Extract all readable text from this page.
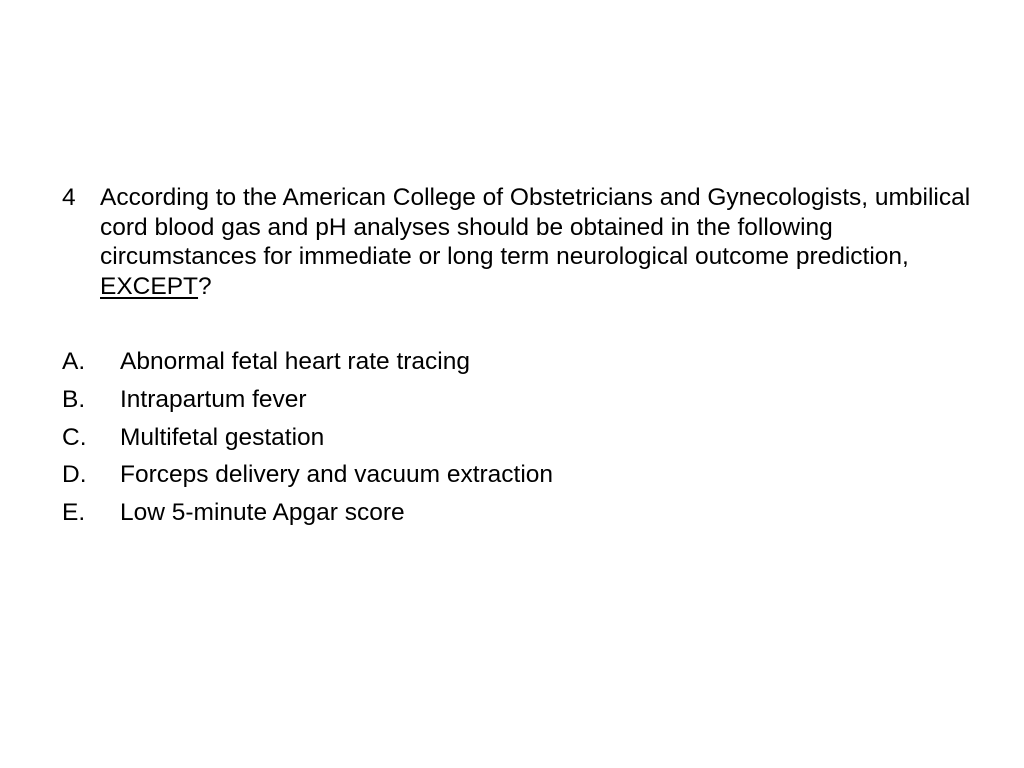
4 According to the American College of Obstetricians and Gynecologists, umbilical cord blood gas and pH analyses should be obtained in the following circumstances for immediate or long term neurological outcome prediction, EXCEPT?
A.	Abnormal fetal heart rate tracing
B.	Intrapartum fever
C.	Multifetal gestation
D.	Forceps delivery and vacuum extraction
E.	Low 5-minute Apgar score
